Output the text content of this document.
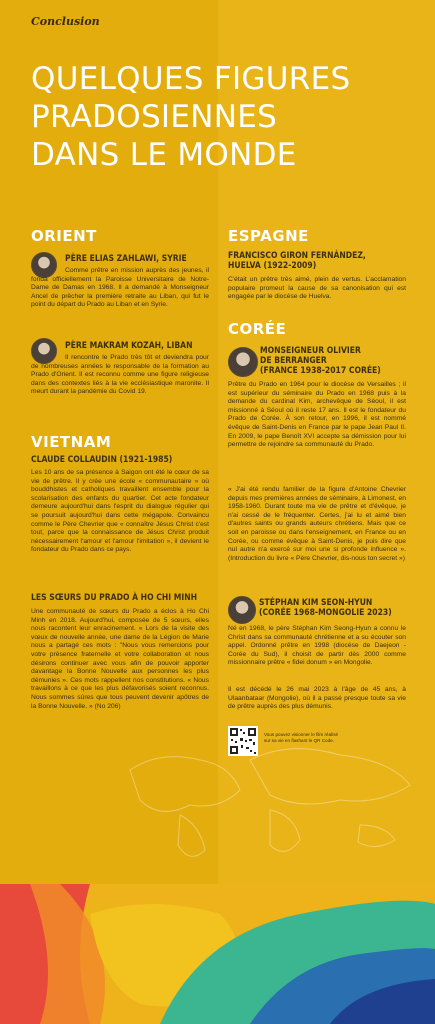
Conclusion
QUELQUES FIGURES
PRADOSIENNES
DANS LE MONDE
ORIENT
PÈRE ELIAS ZAHLAWI, SYRIE
Comme prêtre en mission auprès des jeunes, il fonda officiellement la Paroisse Universitaire de Notre-Dame de Damas en 1968. Il a demandé à Monseigneur Ancel de prêcher la première retraite au Liban, qui fut le point du départ du Prado au Liban et en Syrie.
PÈRE MAKRAM KOZAH, LIBAN
Il rencontre le Prado très tôt et deviendra pour de nombreuses années le responsable de la formation au Prado d'Orient. Il est reconnu comme une figure religieuse dans des contextes liés à la vie ecclésiastique maronite. Il meurt durant la pandémie du Covid 19.
VIETNAM
CLAUDE COLLAUDIN (1921-1985)
Les 10 ans de sa présence à Saigon ont été le cœur de sa vie de prêtre. Il y crée une école « communautaire » où bouddhistes et catholiques travaillent ensemble pour la scolarisation des enfants du quartier. Cet acte fondateur demeure aujourd'hui dans l'esprit du dialogue régulier qui se poursuit aujourd'hui dans cette mégapole. Convaincu comme le Père Chevrier que « connaître Jésus Christ c'est tout, parce que la connaissance de Jésus Christ produit nécessairement l'amour et l'amour l'imitation », il devient le fondateur du Prado dans ce pays.
LES SŒURS DU PRADO À HO CHI MINH
Une communauté de sœurs du Prado a éclos à Ho Chi Minh en 2018. Aujourd'hui, composée de 5 sœurs, elles nous racontent leur enracinement. « Lors de la visite des vœux de nouvelle année, une dame de la Légion de Marie nous a partagé ces mots : "Nous vous remercions pour votre présence fraternelle et votre collaboration et nous désirons continuer avec vous afin de pouvoir apporter davantage la Bonne Nouvelle aux personnes les plus démunies ». Ces mots rappellent nos constitutions. « Nous travaillons à ce que les plus défavorisés soient reconnus. Nous sommes sûres que tous peuvent devenir apôtres de la Bonne Nouvelle. » (No 206)
ESPAGNE
FRANCISCO GIRON FERNÁNDEZ,
HUELVA (1922-2009)
C'était un prêtre très aimé, plein de vertus. L'acclamation populaire promeut la cause de sa canonisation qui est engagée par le diocèse de Huelva.
CORÉE
MONSEIGNEUR OLIVIER
DE BERRANGER
(FRANCE 1938-2017 CORÉE)
Prêtre du Prado en 1964 pour le diocèse de Versailles ; il est supérieur du séminaire du Prado en 1968 puis à la demande du cardinal Kim, archevêque de Séoul, il est missionné à Séoul où il reste 17 ans. Il est le fondateur du Prado de Corée. À son retour, en 1996, il est nommé évêque de Saint-Denis en France par le pape Jean Paul II. En 2009, le pape Benoît XVI accepte sa démission pour lui permettre de rejoindre sa communauté du Prado.
« J'ai été rendu familier de la figure d'Antoine Chevrier depuis mes premières années de séminaire, à Limonest, en 1958-1960. Durant toute ma vie de prêtre et d'évêque, je n'ai cessé de le fréquenter. Certes, j'ai lu et aimé bien d'autres saints ou grands auteurs chrétiens. Mais que ce soit en paroisse ou dans l'enseignement, en France ou en Corée, ou comme évêque à Saint-Denis, je puis dire que nul autre n'a exercé sur moi une si profonde influence ». (Introduction du livre « Père Chevrier, dis-nous ton secret »)
STÉPHAN KIM SEON-HYUN
(CORÉE 1968-MONGOLIE 2023)
Né en 1968, le père Stéphan Kim Seong-Hyun a connu le Christ dans sa communauté chrétienne et a su écouter son appel. Ordonné prêtre en 1998 (diocèse de Daejeon - Corée du Sud), il choisit de partir dès 2000 comme missionnaire prêtre « fidei donum » en Mongolie.
Il est décédé le 26 mai 2023 à l'âge de 45 ans, à Ulaanbataar (Mongolie), où il a passé presque toute sa vie de prêtre auprès des plus démunis.
Vous pouvez visionner le film réalisé sur sa vie en flashant le QR Code.
